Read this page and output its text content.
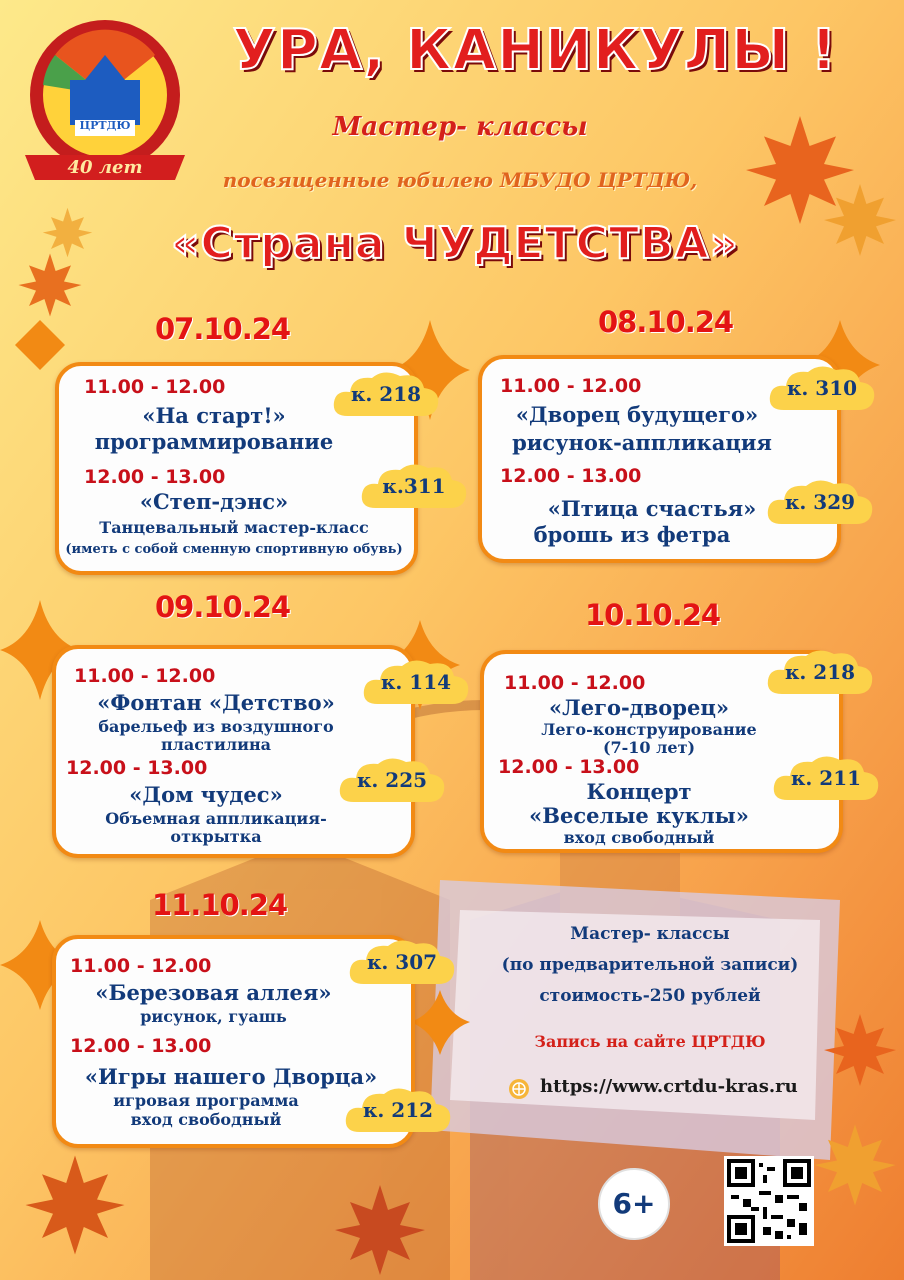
ЦРТДЮ
40 лет
УРА, КАНИКУЛЫ !
Мастер- классы
посвященные юбилею МБУДО ЦРТДЮ,
«Страна ЧУДЕТСТВА»
07.10.24
11.00 - 12.00
«На старт!»
программирование
12.00 - 13.00
«Степ-дэнс»
Танцевальный мастер-класс
(иметь с собой сменную спортивную обувь)
08.10.24
11.00 - 12.00
«Дворец будущего»
рисунок-аппликация
12.00 - 13.00
«Птица счастья»
брошь из фетра
09.10.24
11.00 - 12.00
«Фонтан «Детство»
барельеф из воздушного
пластилина
12.00 - 13.00
«Дом чудес»
Объемная аппликация-
открытка
10.10.24
11.00 - 12.00
«Лего-дворец»
Лего-конструирование
(7-10 лет)
12.00 - 13.00
Концерт
«Веселые куклы»
вход свободный
11.10.24
11.00 - 12.00
«Березовая аллея»
рисунок, гуашь
12.00 - 13.00
«Игры нашего Дворца»
игровая программа
вход свободный
к. 218
к.311
к. 310
к. 329
к. 114
к. 225
к. 218
к. 211
к. 307
к. 212
Мастер- классы
(по предварительной записи)
стоимость-250 рублей
Запись на сайте ЦРТДЮ
https://www.crtdu-kras.ru
6+
